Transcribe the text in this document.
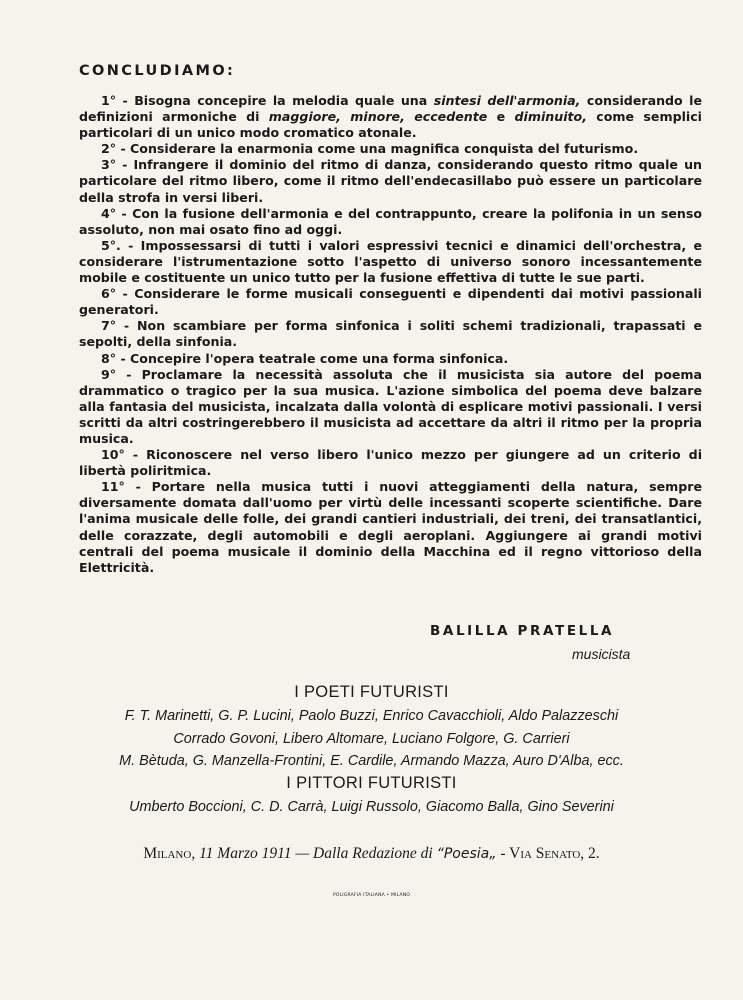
CONCLUDIAMO:

1° - Bisogna concepire la melodia quale una sintesi dell'armonia, considerando le definizioni armoniche di maggiore, minore, eccedente e diminuito, come semplici particolari di un unico modo cromatico atonale.

2° - Considerare la enarmonia come una magnifica conquista del futurismo.

3° - Infrangere il dominio del ritmo di danza, considerando questo ritmo quale un particolare del ritmo libero, come il ritmo dell'endecasillabo può essere un particolare della strofa in versi liberi.

4° - Con la fusione dell'armonia e del contrappunto, creare la polifonia in un senso assoluto, non mai osato fino ad oggi.

5°. - Impossessarsi di tutti i valori espressivi tecnici e dinamici dell'orchestra, e considerare l'istrumentazione sotto l'aspetto di universo sonoro incessantemente mobile e costituente un unico tutto per la fusione effettiva di tutte le sue parti.

6° - Considerare le forme musicali conseguenti e dipendenti dai motivi passionali generatori.

7° - Non scambiare per forma sinfonica i soliti schemi tradizionali, trapassati e sepolti, della sinfonia.

8° - Concepire l'opera teatrale come una forma sinfonica.

9° - Proclamare la necessità assoluta che il musicista sia autore del poema drammatico o tragico per la sua musica. L'azione simbolica del poema deve balzare alla fantasia del musicista, incalzata dalla volontà di esplicare motivi passionali. I versi scritti da altri costringerebbero il musicista ad accettare da altri il ritmo per la propria musica.

10° - Riconoscere nel verso libero l'unico mezzo per giungere ad un criterio di libertà poliritmica.

11° - Portare nella musica tutti i nuovi atteggiamenti della natura, sempre diversamente domata dall'uomo per virtù delle incessanti scoperte scientifiche. Dare l'anima musicale delle folle, dei grandi cantieri industriali, dei treni, dei transatlantici, delle corazzate, degli automobili e degli aeroplani. Aggiungere ai grandi motivi centrali del poema musicale il dominio della Macchina ed il regno vittorioso della Elettricità.

BALILLA PRATELLA
musicista
I POETI FUTURISTI
F. T. Marinetti, G. P. Lucini, Paolo Buzzi, Enrico Cavacchioli, Aldo Palazzeschi
Corrado Govoni, Libero Altomare, Luciano Folgore, G. Carrieri
M. Bètuda, G. Manzella-Frontini, E. Cardile, Armando Mazza, Auro D'Alba, ecc.
I PITTORI FUTURISTI
Umberto Boccioni, C. D. Carrà, Luigi Russolo, Giacomo Balla, Gino Severini
Milano, 11 Marzo 1911 — Dalla Redazione di “Poesia„ - Via Senato, 2.
POLIGRAFIA ITALIANA • MILANO
